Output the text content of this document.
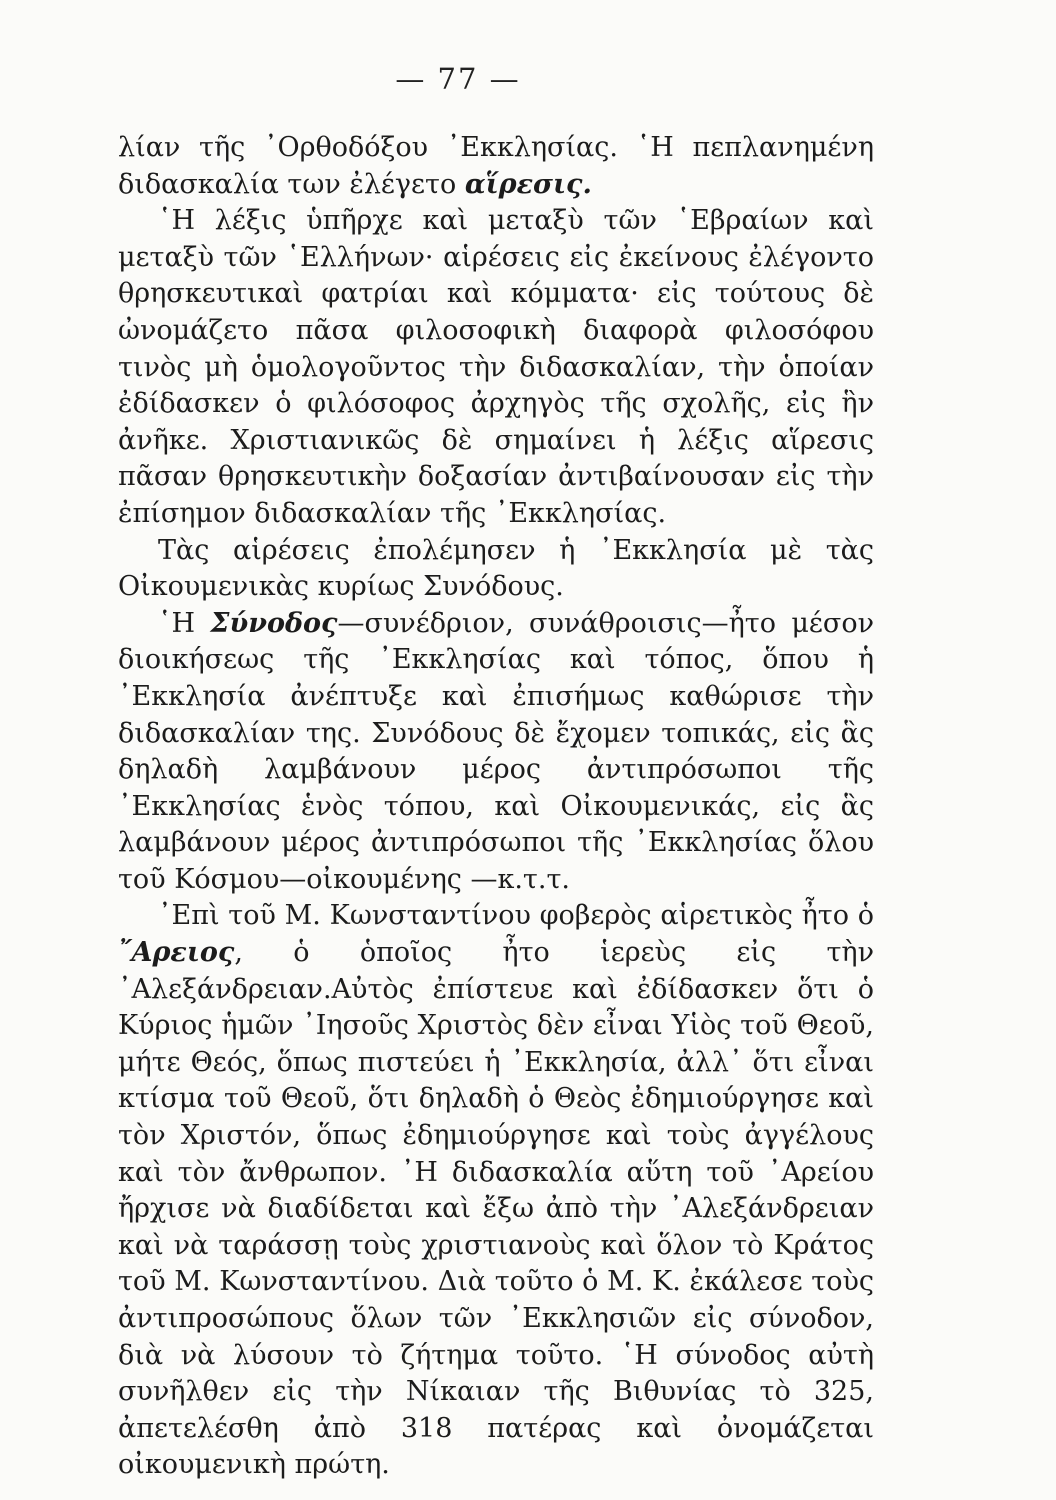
— 77 —

λίαν τῆς ᾿Ορθοδόξου ᾿Εκκλησίας. ῾Η πεπλανημένη διδασκαλία των ἐλέγετο αἵρεσις.

῾Η λέξις ὑπῆρχε καὶ μεταξὺ τῶν ῾Εβραίων καὶ μεταξὺ τῶν ῾Ελλήνων· αἱρέσεις εἰς ἐκείνους ἐλέγοντο θρησκευτικαὶ φατρίαι καὶ κόμματα· εἰς τούτους δὲ ὠνομάζετο πᾶσα φιλοσοφικὴ διαφορὰ φιλοσόφου τινὸς μὴ ὁμολογοῦντος τὴν διδασκαλίαν, τὴν ὁποίαν ἐδίδασκεν ὁ φιλόσοφος ἀρχηγὸς τῆς σχολῆς, εἰς ἣν ἀνῆκε. Χριστιανικῶς δὲ σημαίνει ἡ λέξις αἵρεσις πᾶσαν θρησκευτικὴν δοξασίαν ἀντιβαίνουσαν εἰς τὴν ἐπίσημον διδασκαλίαν τῆς ᾿Εκκλησίας.

Τὰς αἱρέσεις ἐπολέμησεν ἡ ᾿Εκκλησία μὲ τὰς Οἰκουμενικὰς κυρίως Συνόδους.

῾Η Σύνοδος—συνέδριον, συνάθροισις—ἦτο μέσον διοικήσεως τῆς ᾿Εκκλησίας καὶ τόπος, ὅπου ἡ ᾿Εκκλησία ἀνέπτυξε καὶ ἐπισήμως καθώρισε τὴν διδασκαλίαν της. Συνόδους δὲ ἔχομεν τοπικάς, εἰς ἃς δηλαδὴ λαμβάνουν μέρος ἀντιπρόσωποι τῆς ᾿Εκκλησίας ἑνὸς τόπου, καὶ Οἰκουμενικάς, εἰς ἃς λαμβάνουν μέρος ἀντιπρόσωποι τῆς ᾿Εκκλησίας ὅλου τοῦ Κόσμου—οἰκουμένης —κ.τ.τ.

᾿Επὶ τοῦ Μ. Κωνσταντίνου φοβερὸς αἱρετικὸς ἦτο ὁ ῎Αρειος, ὁ ὁποῖος ἦτο ἱερεὺς εἰς τὴν ᾿Αλεξάνδρειαν.Αὐτὸς ἐπίστευε καὶ ἐδίδασκεν ὅτι ὁ Κύριος ἡμῶν ᾿Ιησοῦς Χριστὸς δὲν εἶναι Υἱὸς τοῦ Θεοῦ, μήτε Θεός, ὅπως πιστεύει ἡ ᾿Εκκλησία, ἀλλ᾿ ὅτι εἶναι κτίσμα τοῦ Θεοῦ, ὅτι δηλαδὴ ὁ Θεὸς ἐδημιούργησε καὶ τὸν Χριστόν, ὅπως ἐδημιούργησε καὶ τοὺς ἀγγέλους καὶ τὸν ἄνθρωπον. ᾿Η διδασκαλία αὕτη τοῦ ᾿Αρείου ἤρχισε νὰ διαδίδεται καὶ ἔξω ἀπὸ τὴν ᾿Αλεξάνδρειαν καὶ νὰ ταράσσῃ τοὺς χριστιανοὺς καὶ ὅλον τὸ Κράτος τοῦ Μ. Κωνσταντίνου. Διὰ τοῦτο ὁ Μ. Κ. ἐκάλεσε τοὺς ἀντιπροσώπους ὅλων τῶν ᾿Εκκλησιῶν εἰς σύνοδον, διὰ νὰ λύσουν τὸ ζήτημα τοῦτο. ῾Η σύνοδος αὐτὴ συνῆλθεν εἰς τὴν Νίκαιαν τῆς Βιθυνίας τὸ 325, ἀπετελέσθη ἀπὸ 318 πατέρας καὶ ὀνομάζεται οἰκουμενικὴ πρώτη.
